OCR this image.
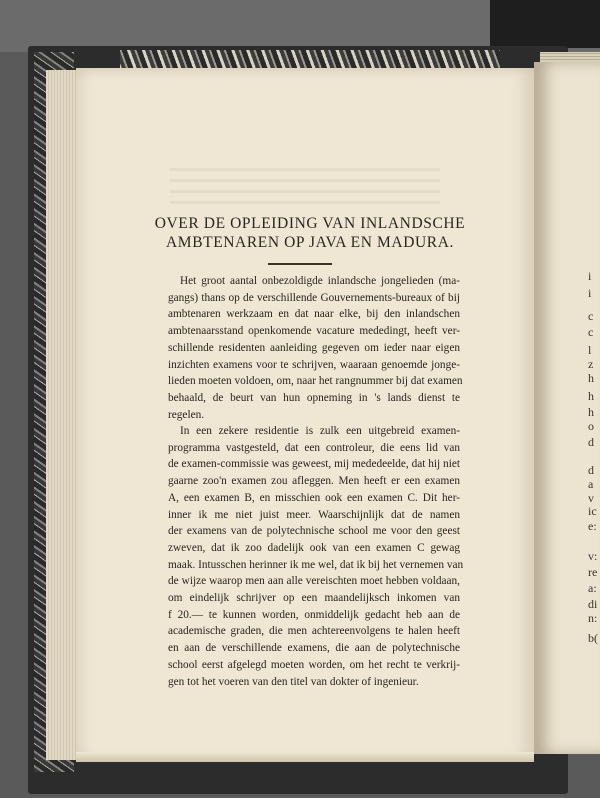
OVER DE OPLEIDING VAN INLANDSCHE
AMBTENAREN OP JAVA EN MADURA.
Het groot aantal onbezoldigde inlandsche jongelieden (ma-
gangs) thans op de verschillende Gouvernements-bureaux of bij
ambtenaren werkzaam en dat naar elke, bij den inlandschen
ambtenaarsstand openkomende vacature mededingt, heeft ver-
schillende residenten aanleiding gegeven om ieder naar eigen
inzichten examens voor te schrijven, waaraan genoemde jonge-
lieden moeten voldoen, om, naar het rangnummer bij dat examen
behaald, de beurt van hun opneming in 's lands dienst te
regelen.
In een zekere residentie is zulk een uitgebreid examen-
programma vastgesteld, dat een controleur, die eens lid van
de examen-commissie was geweest, mij mededeelde, dat hij niet
gaarne zoo'n examen zou afleggen. Men heeft er een examen
A, een examen B, en misschien ook een examen C. Dit her-
inner ik me niet juist meer. Waarschijnlijk dat de namen
der examens van de polytechnische school me voor den geest
zweven, dat ik zoo dadelijk ook van een examen C gewag
maak. Intusschen herinner ik me wel, dat ik bij het vernemen van
de wijze waarop men aan alle vereischten moet hebben voldaan,
om eindelijk schrijver op een maandelijksch inkomen van
f 20.— te kunnen worden, onmiddelijk gedacht heb aan de
academische graden, die men achtereenvolgens te halen heeft
en aan de verschillende examens, die aan de polytechnische
school eerst afgelegd moeten worden, om het recht te verkrij-
gen tot het voeren van den titel van dokter of ingenieur.
i
i
c
c
l
z
h
h
h
o
d
d
a
v
ic
e:
v:
re
a:
di
n:
b(
